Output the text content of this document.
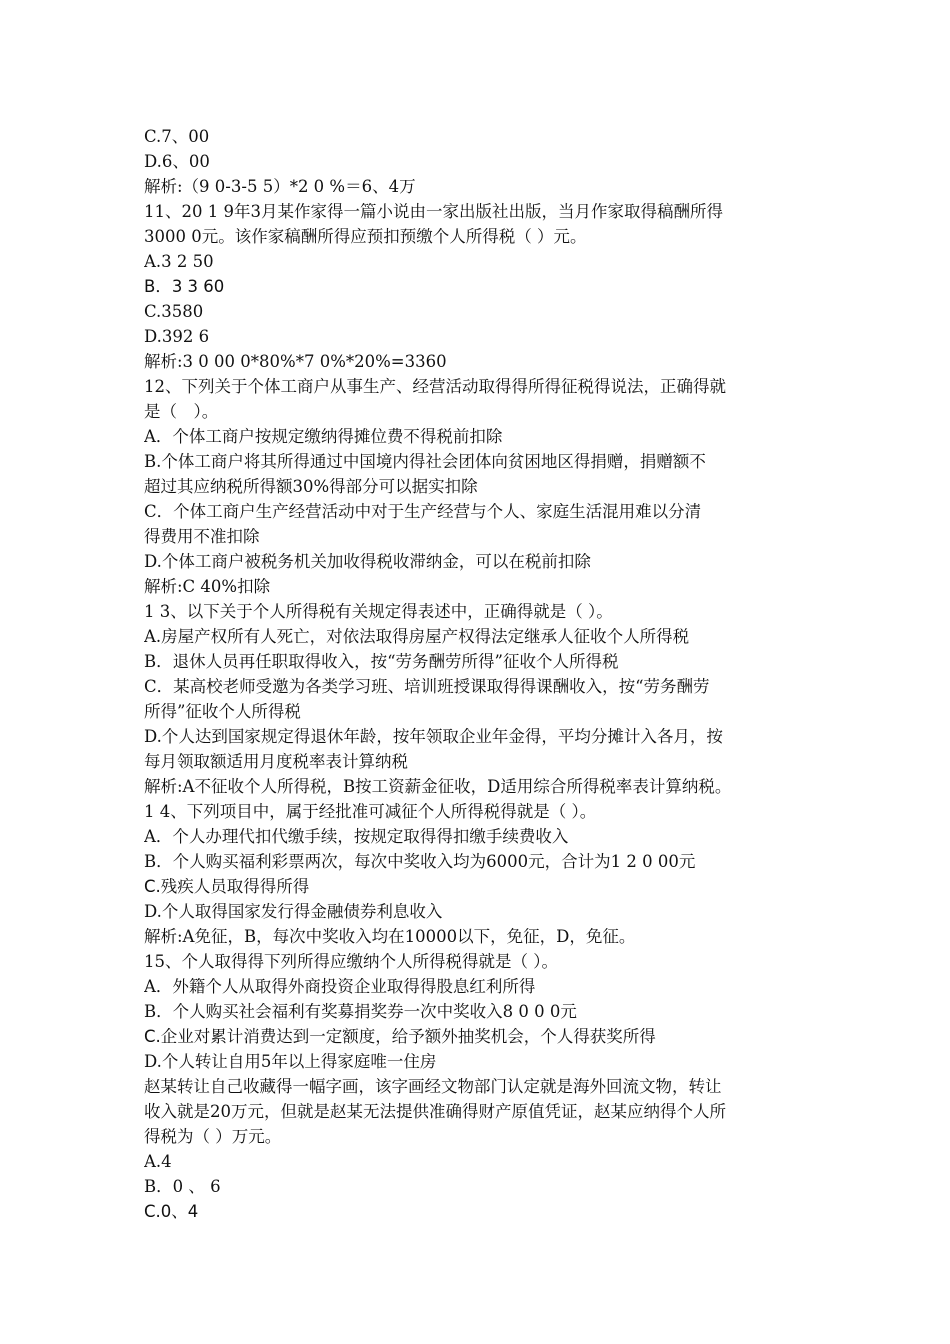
C.7、00
D.6、00
解析:（9 0-3-5 5）*2 0 %＝6、4万
11、20 1 9年3月某作家得一篇小说由一家出版社出版，当月作家取得稿酬所得
3000 0元。该作家稿酬所得应预扣预缴个人所得税（ ）元。
A.3 2 50
B．3 3 60
C.3580
D.392 6
解析:3 0 00 0*80%*7 0%*20%=3360
12、下列关于个体工商户从事生产、经营活动取得得所得征税得说法，正确得就
是（　）。
A．个体工商户按规定缴纳得摊位费不得税前扣除
B.个体工商户将其所得通过中国境内得社会团体向贫困地区得捐赠，捐赠额不
超过其应纳税所得额30%得部分可以据实扣除
C．个体工商户生产经营活动中对于生产经营与个人、家庭生活混用难以分清
得费用不准扣除
D.个体工商户被税务机关加收得税收滞纳金，可以在税前扣除
解析:C 40%扣除
1 3、以下关于个人所得税有关规定得表述中，正确得就是（ ）。
A.房屋产权所有人死亡，对依法取得房屋产权得法定继承人征收个人所得税
B．退休人员再任职取得收入，按“劳务酬劳所得”征收个人所得税
C．某高校老师受邀为各类学习班、培训班授课取得得课酬收入，按“劳务酬劳
所得”征收个人所得税
D.个人达到国家规定得退休年龄，按年领取企业年金得，平均分摊计入各月，按
每月领取额适用月度税率表计算纳税
解析:A不征收个人所得税，B按工资薪金征收，D适用综合所得税率表计算纳税。
1 4、下列项目中，属于经批准可减征个人所得税得就是（ ）。
A．个人办理代扣代缴手续，按规定取得得扣缴手续费收入
B．个人购买福利彩票两次，每次中奖收入均为6000元，合计为1 2 0 00元
C.残疾人员取得得所得
D.个人取得国家发行得金融债券利息收入
解析:A免征，B，每次中奖收入均在10000以下，免征，D，免征。
15、个人取得得下列所得应缴纳个人所得税得就是（ ）。
A．外籍个人从取得外商投资企业取得得股息红利所得
B．个人购买社会福利有奖募捐奖券一次中奖收入8 0 0 0元
C.企业对累计消费达到一定额度，给予额外抽奖机会，个人得获奖所得
D.个人转让自用5年以上得家庭唯一住房
赵某转让自己收藏得一幅字画，该字画经文物部门认定就是海外回流文物，转让
收入就是20万元，但就是赵某无法提供准确得财产原值凭证，赵某应纳得个人所
得税为（ ）万元。
A.4
B．0 、 6
C.0、4
